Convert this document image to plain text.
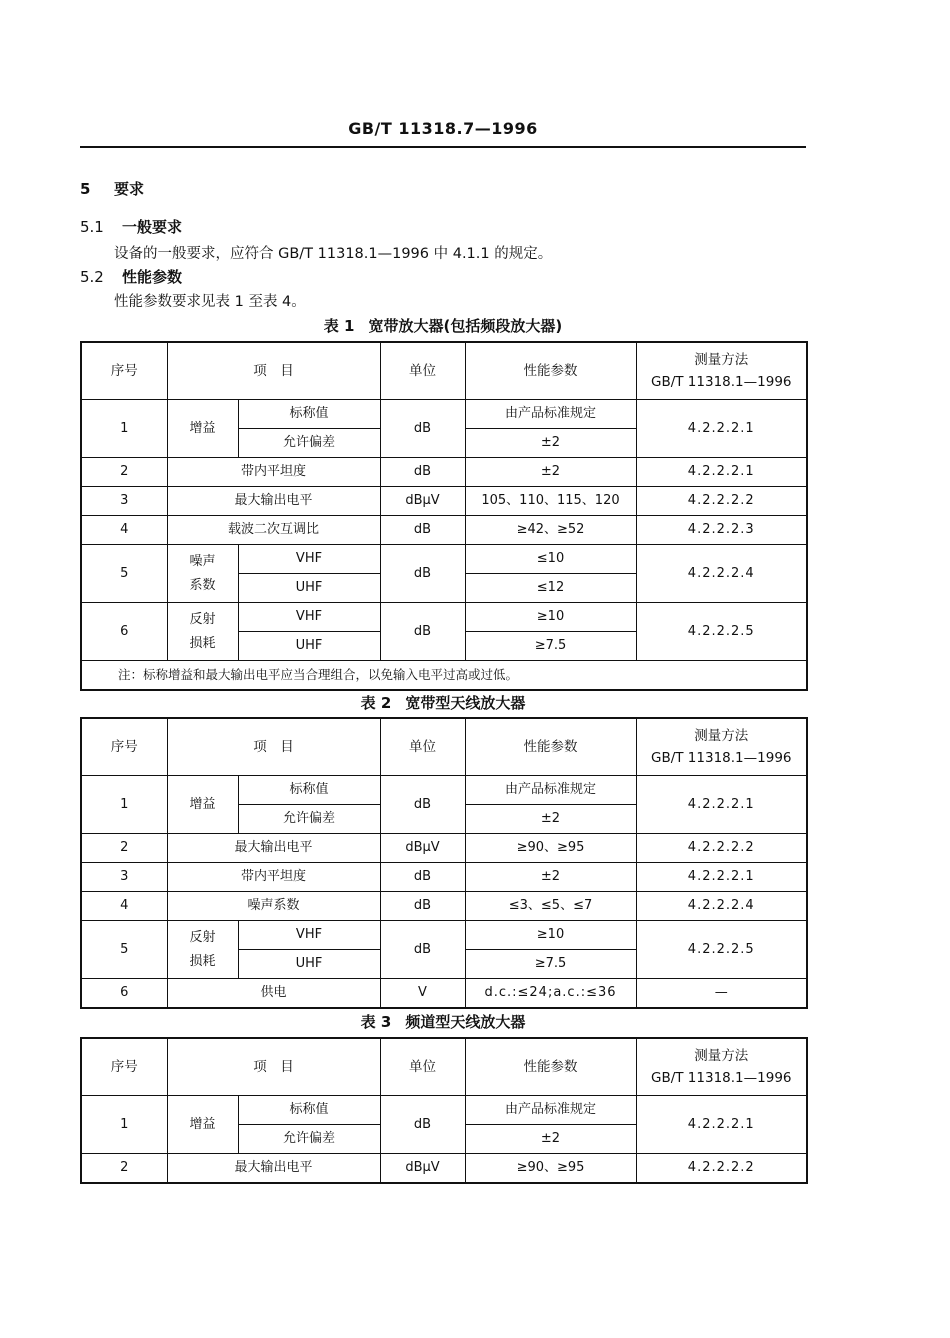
GB/T 11318.7—1996
5 要求
5.1 一般要求
设备的一般要求，应符合 GB/T 11318.1—1996 中 4.1.1 的规定。
5.2 性能参数
性能参数要求见表 1 至表 4。
表 1 宽带放大器(包括频段放大器)
序号	项　目		单位	性能参数	测量方法
GB/T 11318.1—1996

1	增益	标称值	dB	由产品标准规定	4.2.2.2.1
		允许偏差		±2	
2	带内平坦度		dB	±2	4.2.2.2.1
3	最大输出电平		dBμV	105、110、115、120	4.2.2.2.2
4	载波二次互调比		dB	≥42、≥52	4.2.2.2.3
5	噪声
系数	VHF	dB	≤10	4.2.2.2.4
		UHF		≤12	
6	反射
损耗	VHF	dB	≥10	4.2.2.2.5
		UHF		≥7.5	
注：标称增益和最大输出电平应当合理组合，以免输入电平过高或过低。					
表 2 宽带型天线放大器
序号	项　目		单位	性能参数	测量方法
GB/T 11318.1—1996

1	增益	标称值	dB	由产品标准规定	4.2.2.2.1
		允许偏差		±2	
2	最大输出电平		dBμV	≥90、≥95	4.2.2.2.2
3	带内平坦度		dB	±2	4.2.2.2.1
4	噪声系数		dB	≤3、≤5、≤7	4.2.2.2.4
5	反射
损耗	VHF	dB	≥10	4.2.2.2.5
		UHF		≥7.5	
6	供电		V	d.c.:≤24;a.c.:≤36	—
表 3 频道型天线放大器
序号	项　目		单位	性能参数	测量方法
GB/T 11318.1—1996

1	增益	标称值	dB	由产品标准规定	4.2.2.2.1
		允许偏差		±2	
2	最大输出电平		dBμV	≥90、≥95	4.2.2.2.2
